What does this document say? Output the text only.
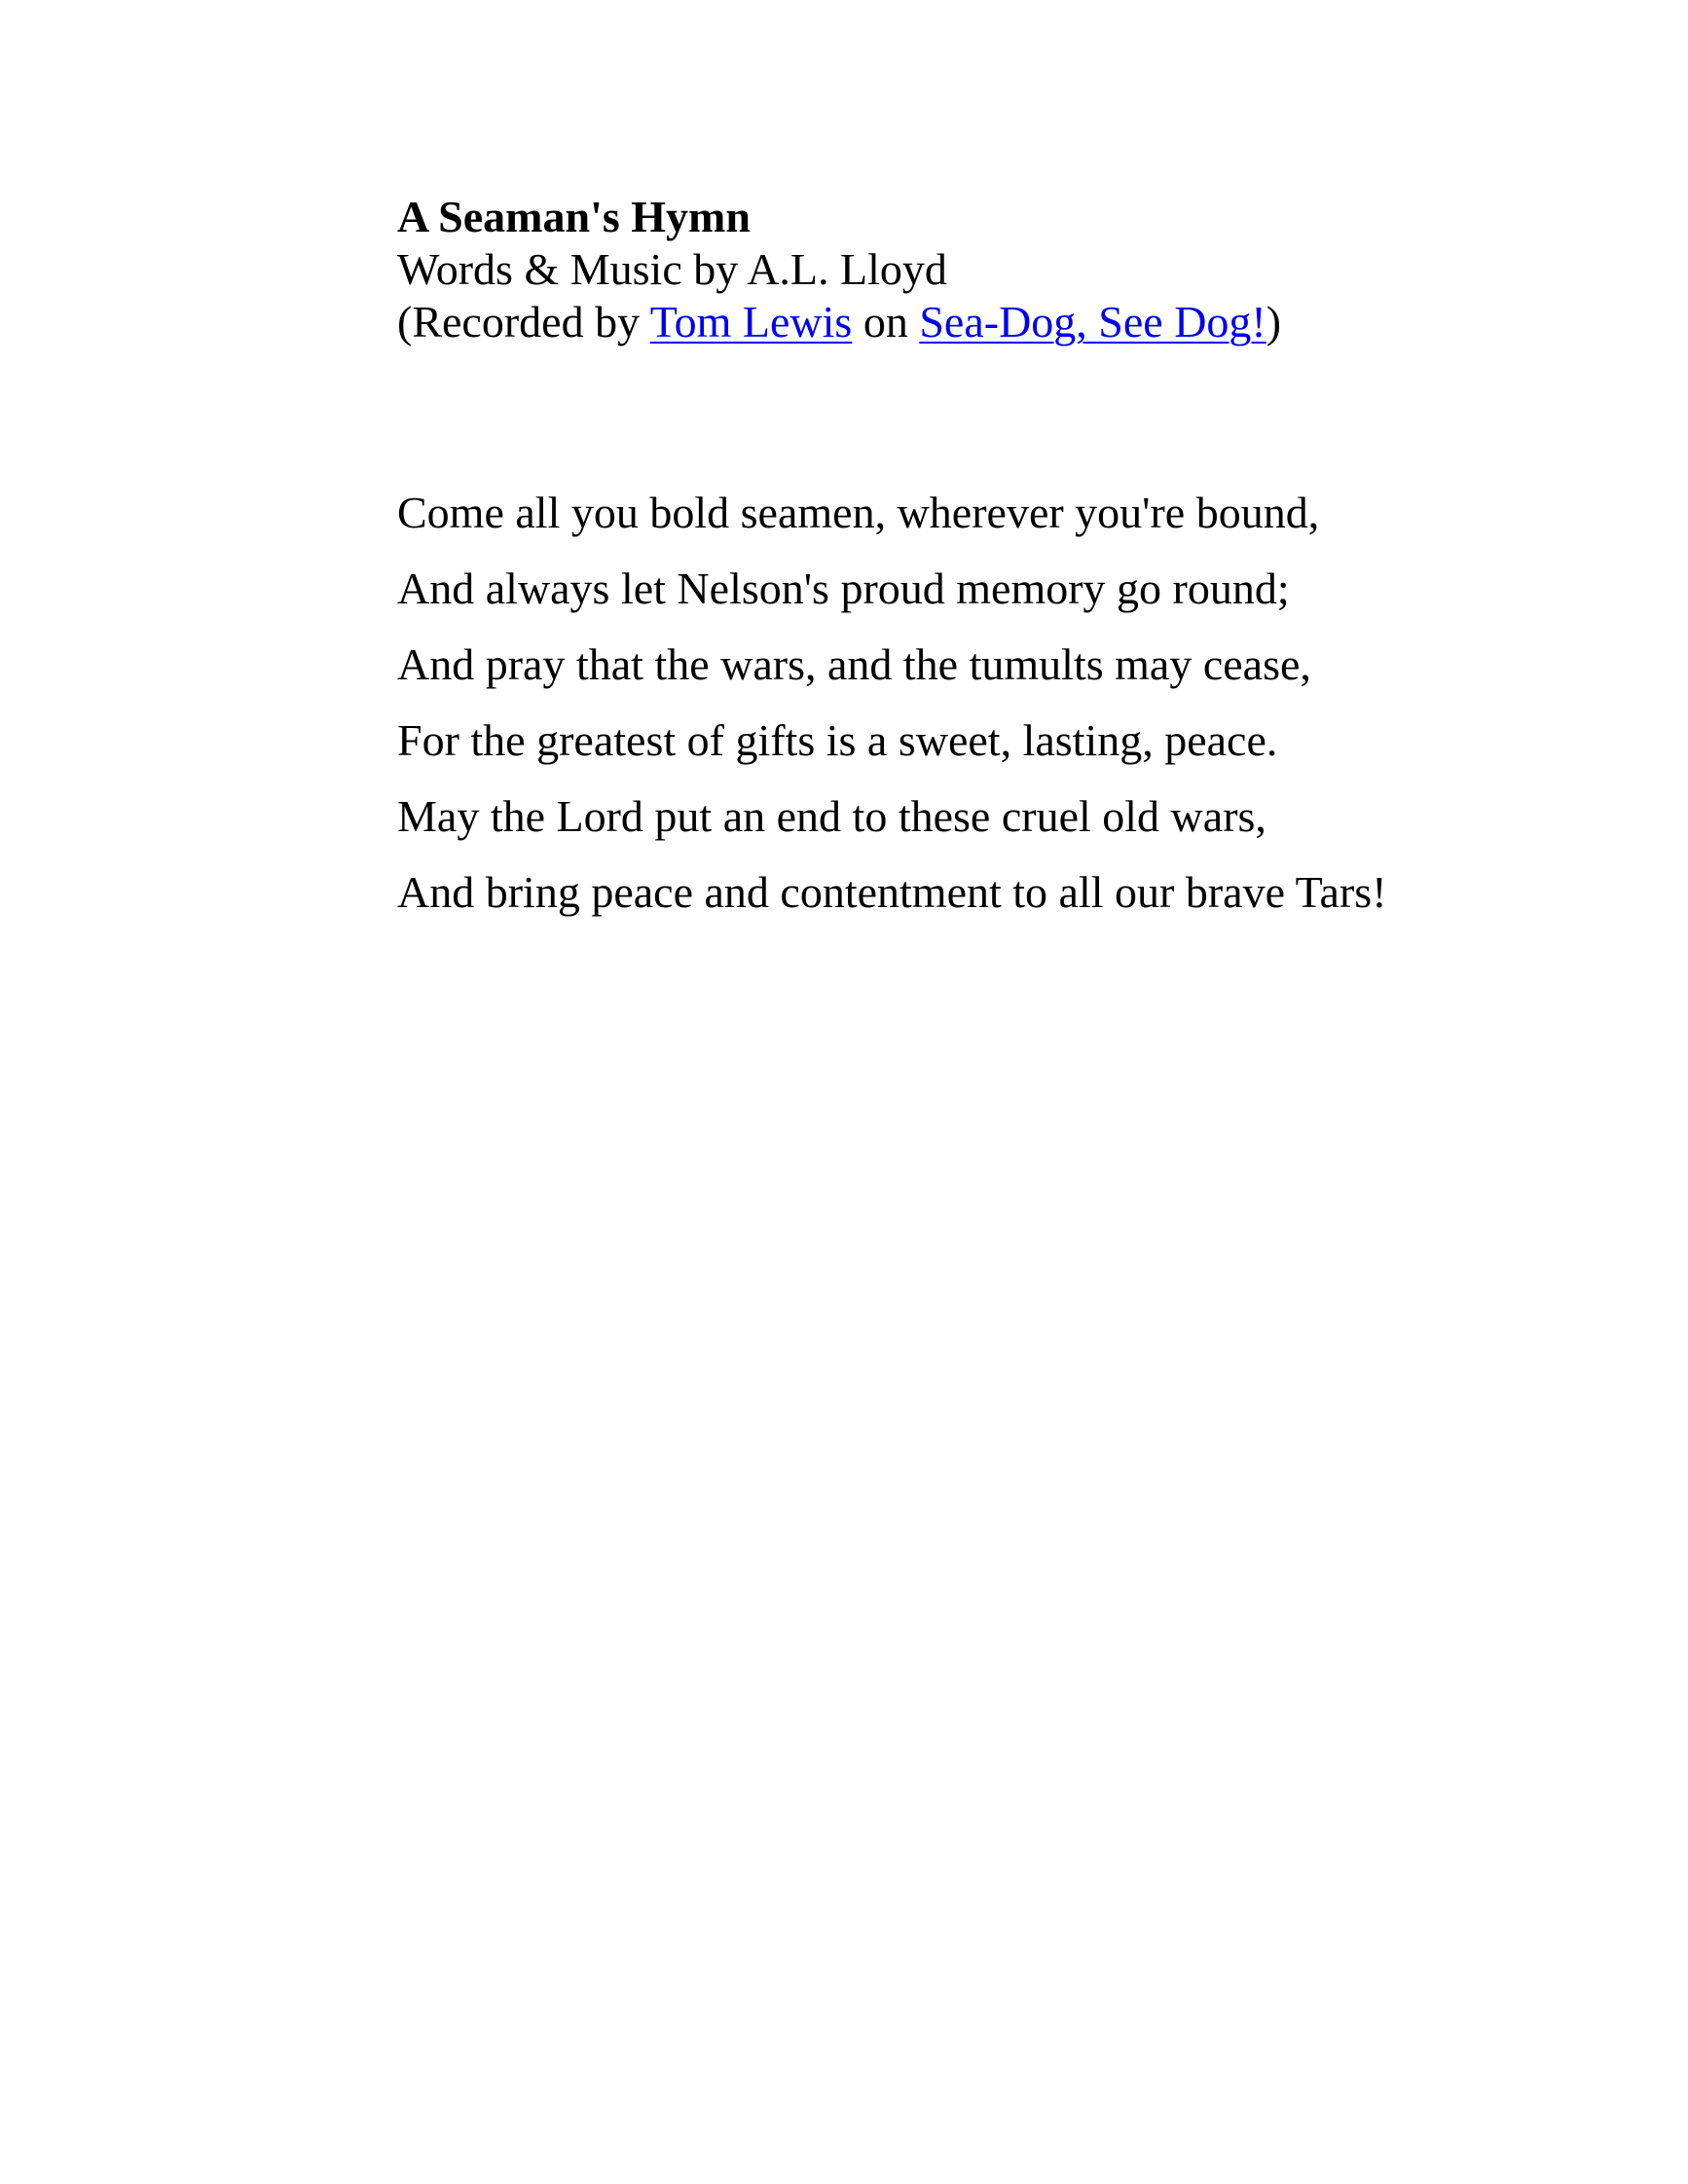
A Seaman's Hymn
Words & Music by A.L. Lloyd
(Recorded by Tom Lewis on Sea-Dog, See Dog!)
Come all you bold seamen, wherever you're bound,
And always let Nelson's proud memory go round;
And pray that the wars, and the tumults may cease,
For the greatest of gifts is a sweet, lasting, peace.
May the Lord put an end to these cruel old wars,
And bring peace and contentment to all our brave Tars!
